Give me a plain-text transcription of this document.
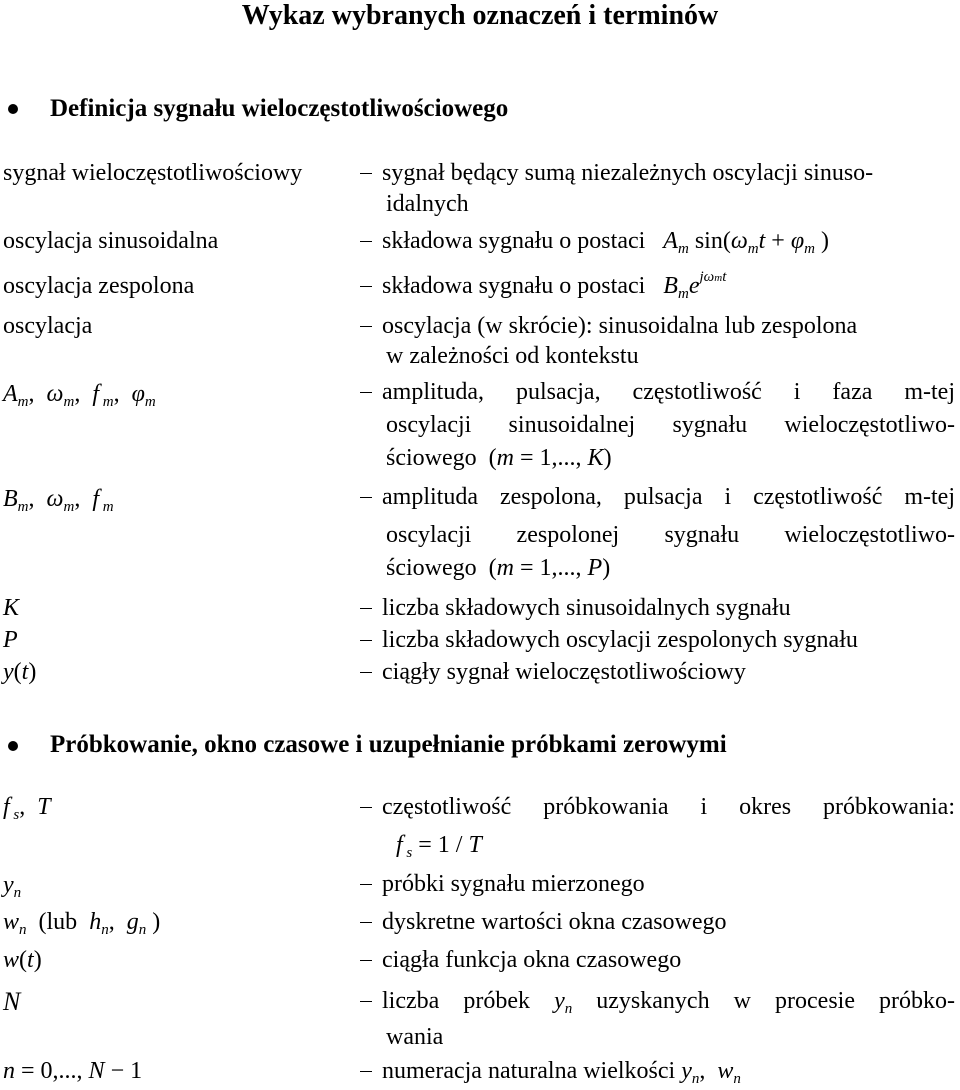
Wykaz wybranych oznaczeń i terminów
Definicja sygnału wieloczęstotliwościowego
sygnał wieloczęstotliwościowy	sygnał będący sumą niezależnych oscylacji sinuso-
idalnych
oscylacja sinusoidalna	składowa sygnału o postaci $A_m$ $\sin(\omega_mt + \varphi_m$ )
oscylacja zespolona	składowa sygnału o postaci $B_me^{j\omega mt}$
oscylacja	oscylacja (w skrócie): sinusoidalna lub zespolona
w zależności od kontekstu
$A_m$,  $\omega_m$,  f $_m$,  $\varphi_m$	amplituda, pulsacja, częstotliwość i faza m-tej
oscylacji sinusoidalnej sygnału wieloczęstotliwo-
ściowego  (m = 1,..., K)
$B_m$,  $\omega_m$,  f $_m$	amplituda zespolona, pulsacja i częstotliwość m-tej
oscylacji zespolonej sygnału wieloczęstotliwo-
ściowego  (m = 1,..., P)
K	liczba składowych sinusoidalnych sygnału
P	liczba składowych oscylacji zespolonych sygnału
y(t)	ciągły sygnał wieloczęstotliwościowy
Próbkowanie, okno czasowe i uzupełnianie próbkami zerowymi
f $_s$,  T	częstotliwość próbkowania i okres próbkowania:
f $_s$ = 1 / T
$y_n$	próbki sygnału mierzonego
$w_n$ (lub $h_n$,  $g_n$ )	dyskretne wartości okna czasowego
w(t)	ciągła funkcja okna czasowego
N	liczba próbek $y_n$ uzyskanych w procesie próbko-
wania
n = 0,..., N − 1	numeracja naturalna wielkości $y_n$,  $w_n$
